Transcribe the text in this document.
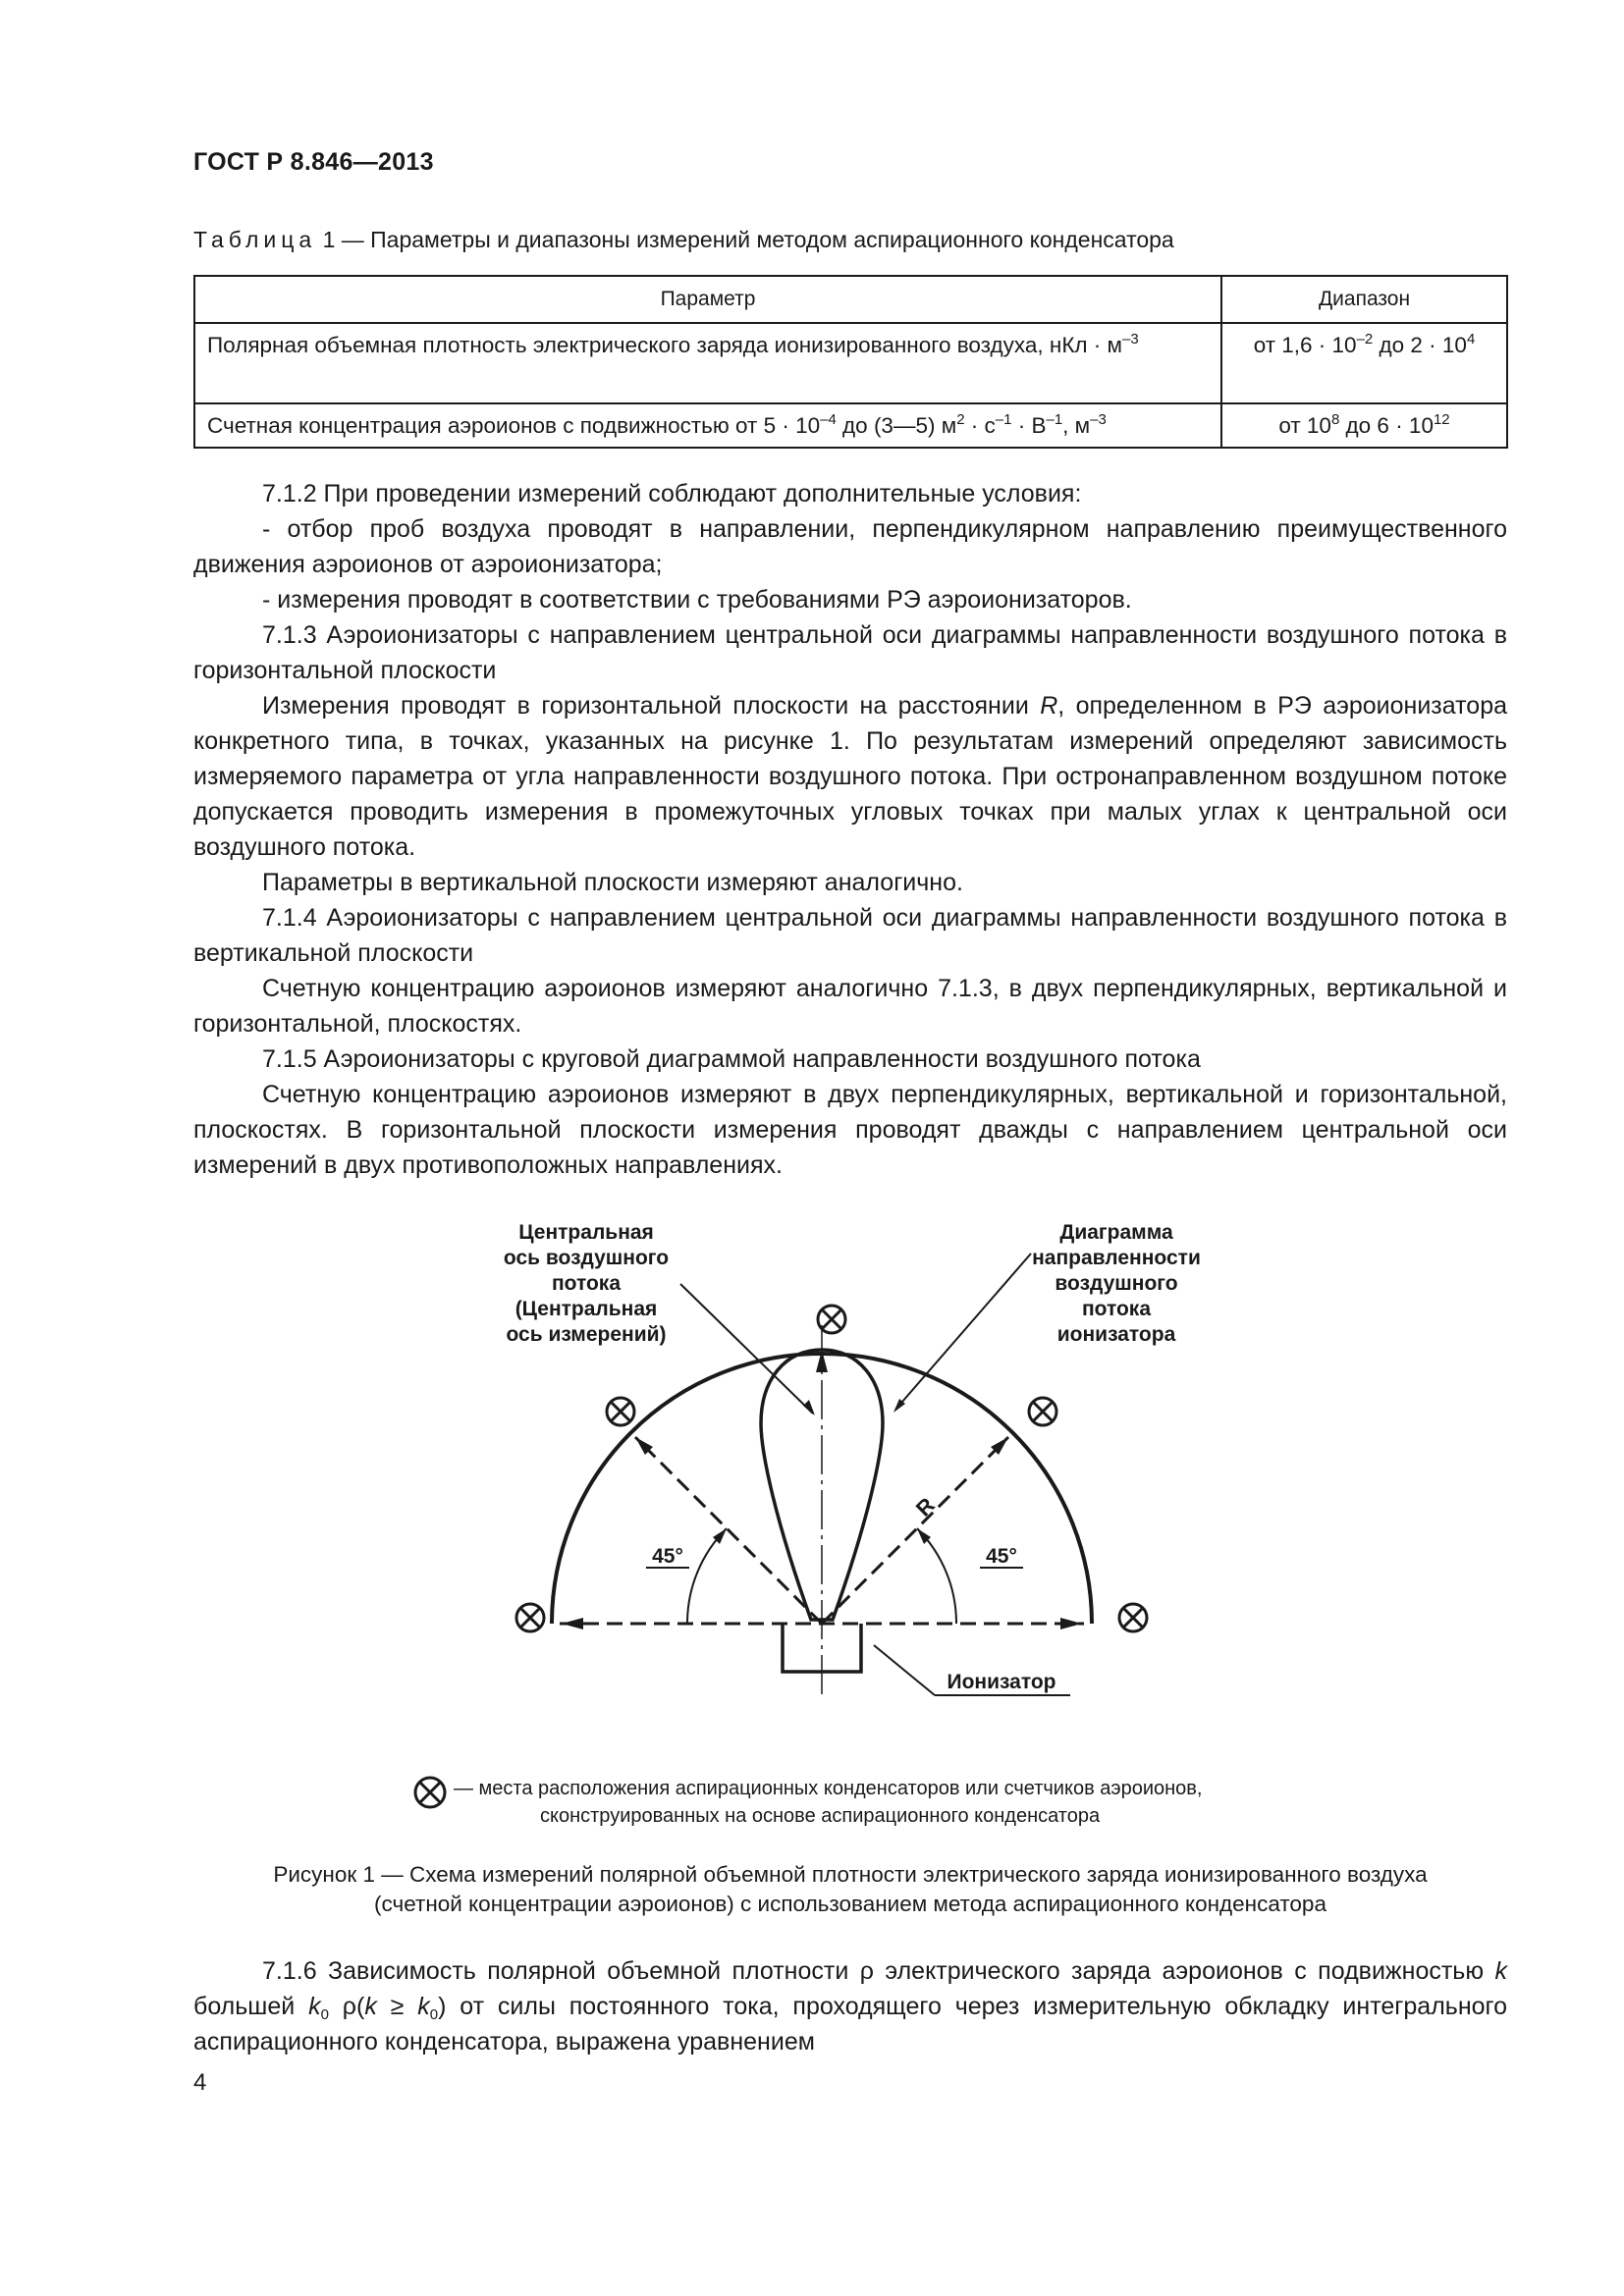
ГОСТ Р 8.846—2013
Таблица 1 — Параметры и диапазоны измерений методом аспирационного конденсатора
Параметр	Диапазон
Полярная объемная плотность электрического заряда ионизированного воздуха, нКл · $м^{-3}$	от $1,6 \cdot 10^{-2}$ до $2 \cdot 10^4$
Счетная концентрация аэроионов с подвижностью от $5 \cdot 10^{-4}$ до (3—5) $м^2 \cdot с^{-1} \cdot В^{-1}$, $м^{-3}$	от $10^8$ до $6 \cdot 10^{12}$

7.1.2 При проведении измерений соблюдают дополнительные условия:

- отбор проб воздуха проводят в направлении, перпендикулярном направлению преимущественного движения аэроионов от аэроионизатора;

- измерения проводят в соответствии с требованиями РЭ аэроионизаторов.

7.1.3 Аэроионизаторы с направлением центральной оси диаграммы направленности воздушного потока в горизонтальной плоскости

Измерения проводят в горизонтальной плоскости на расстоянии R, определенном в РЭ аэроионизатора конкретного типа, в точках, указанных на рисунке 1. По результатам измерений определяют зависимость измеряемого параметра от угла направленности воздушного потока. При остронаправленном воздушном потоке допускается проводить измерения в промежуточных угловых точках при малых углах к центральной оси воздушного потока.

Параметры в вертикальной плоскости измеряют аналогично.

7.1.4 Аэроионизаторы с направлением центральной оси диаграммы направленности воздушного потока в вертикальной плоскости

Счетную концентрацию аэроионов измеряют аналогично 7.1.3, в двух перпендикулярных, вертикальной и горизонтальной, плоскостях.

7.1.5 Аэроионизаторы с круговой диаграммой направленности воздушного потока

Счетную концентрацию аэроионов измеряют в двух перпендикулярных, вертикальной и горизонтальной, плоскостях. В горизонтальной плоскости измерения проводят дважды с направлением центральной оси измерений в двух противоположных направлениях.

Центральная
ось воздушного
потока
(Центральная
ось измерений)
Диаграмма
направленности
воздушного
потока
ионизатора
45°	45°
Ионизатор
R
— места расположения аспирационных конденсаторов или счетчиков аэроионов,
сконструированных на основе аспирационного конденсатора
Рисунок 1 — Схема измерений полярной объемной плотности электрического заряда ионизированного воздуха
(счетной концентрации аэроионов) с использованием метода аспирационного конденсатора

7.1.6 Зависимость полярной объемной плотности ρ электрического заряда аэроионов с подвижностью k большей $k_0$ $\rho(k \ge k_0)$ от силы постоянного тока, проходящего через измерительную обкладку интегрального аспирационного конденсатора, выражена уравнением

4
